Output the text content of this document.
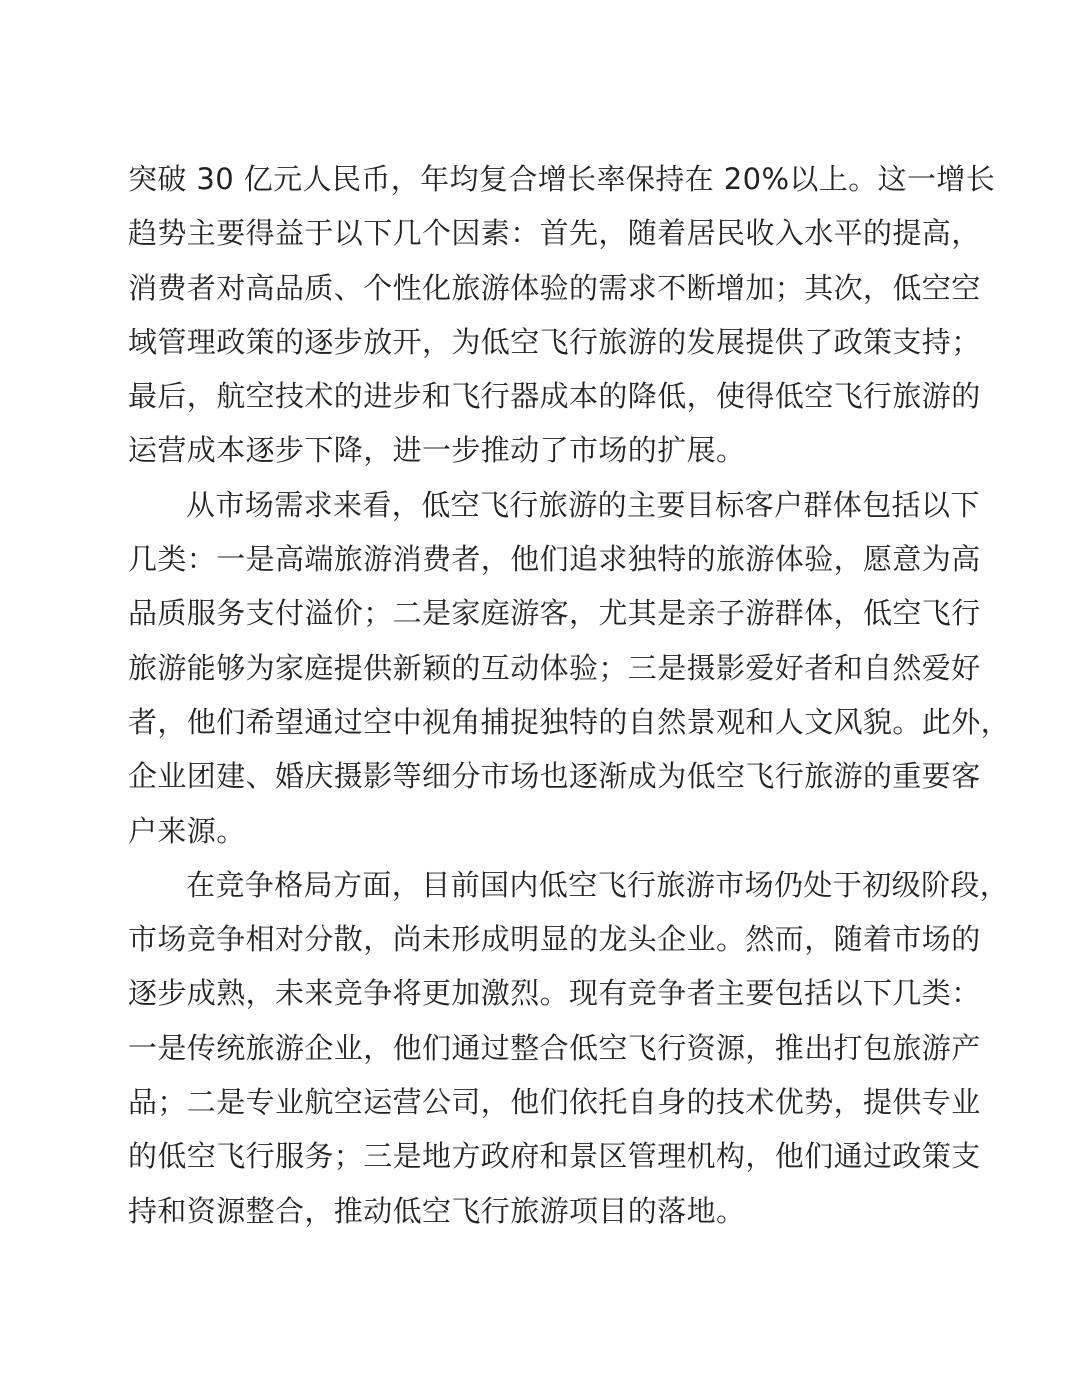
突破 30 亿元人民币，年均复合增长率保持在 20%以上。这一增长
趋势主要得益于以下几个因素：首先，随着居民收入水平的提高，
消费者对高品质、个性化旅游体验的需求不断增加；其次，低空空
域管理政策的逐步放开，为低空飞行旅游的发展提供了政策支持；
最后，航空技术的进步和飞行器成本的降低，使得低空飞行旅游的
运营成本逐步下降，进一步推动了市场的扩展。
从市场需求来看，低空飞行旅游的主要目标客户群体包括以下
几类：一是高端旅游消费者，他们追求独特的旅游体验，愿意为高
品质服务支付溢价；二是家庭游客，尤其是亲子游群体，低空飞行
旅游能够为家庭提供新颖的互动体验；三是摄影爱好者和自然爱好
者，他们希望通过空中视角捕捉独特的自然景观和人文风貌。此外，
企业团建、婚庆摄影等细分市场也逐渐成为低空飞行旅游的重要客
户来源。
在竞争格局方面，目前国内低空飞行旅游市场仍处于初级阶段，
市场竞争相对分散，尚未形成明显的龙头企业。然而，随着市场的
逐步成熟，未来竞争将更加激烈。现有竞争者主要包括以下几类：
一是传统旅游企业，他们通过整合低空飞行资源，推出打包旅游产
品；二是专业航空运营公司，他们依托自身的技术优势，提供专业
的低空飞行服务；三是地方政府和景区管理机构，他们通过政策支
持和资源整合，推动低空飞行旅游项目的落地。
